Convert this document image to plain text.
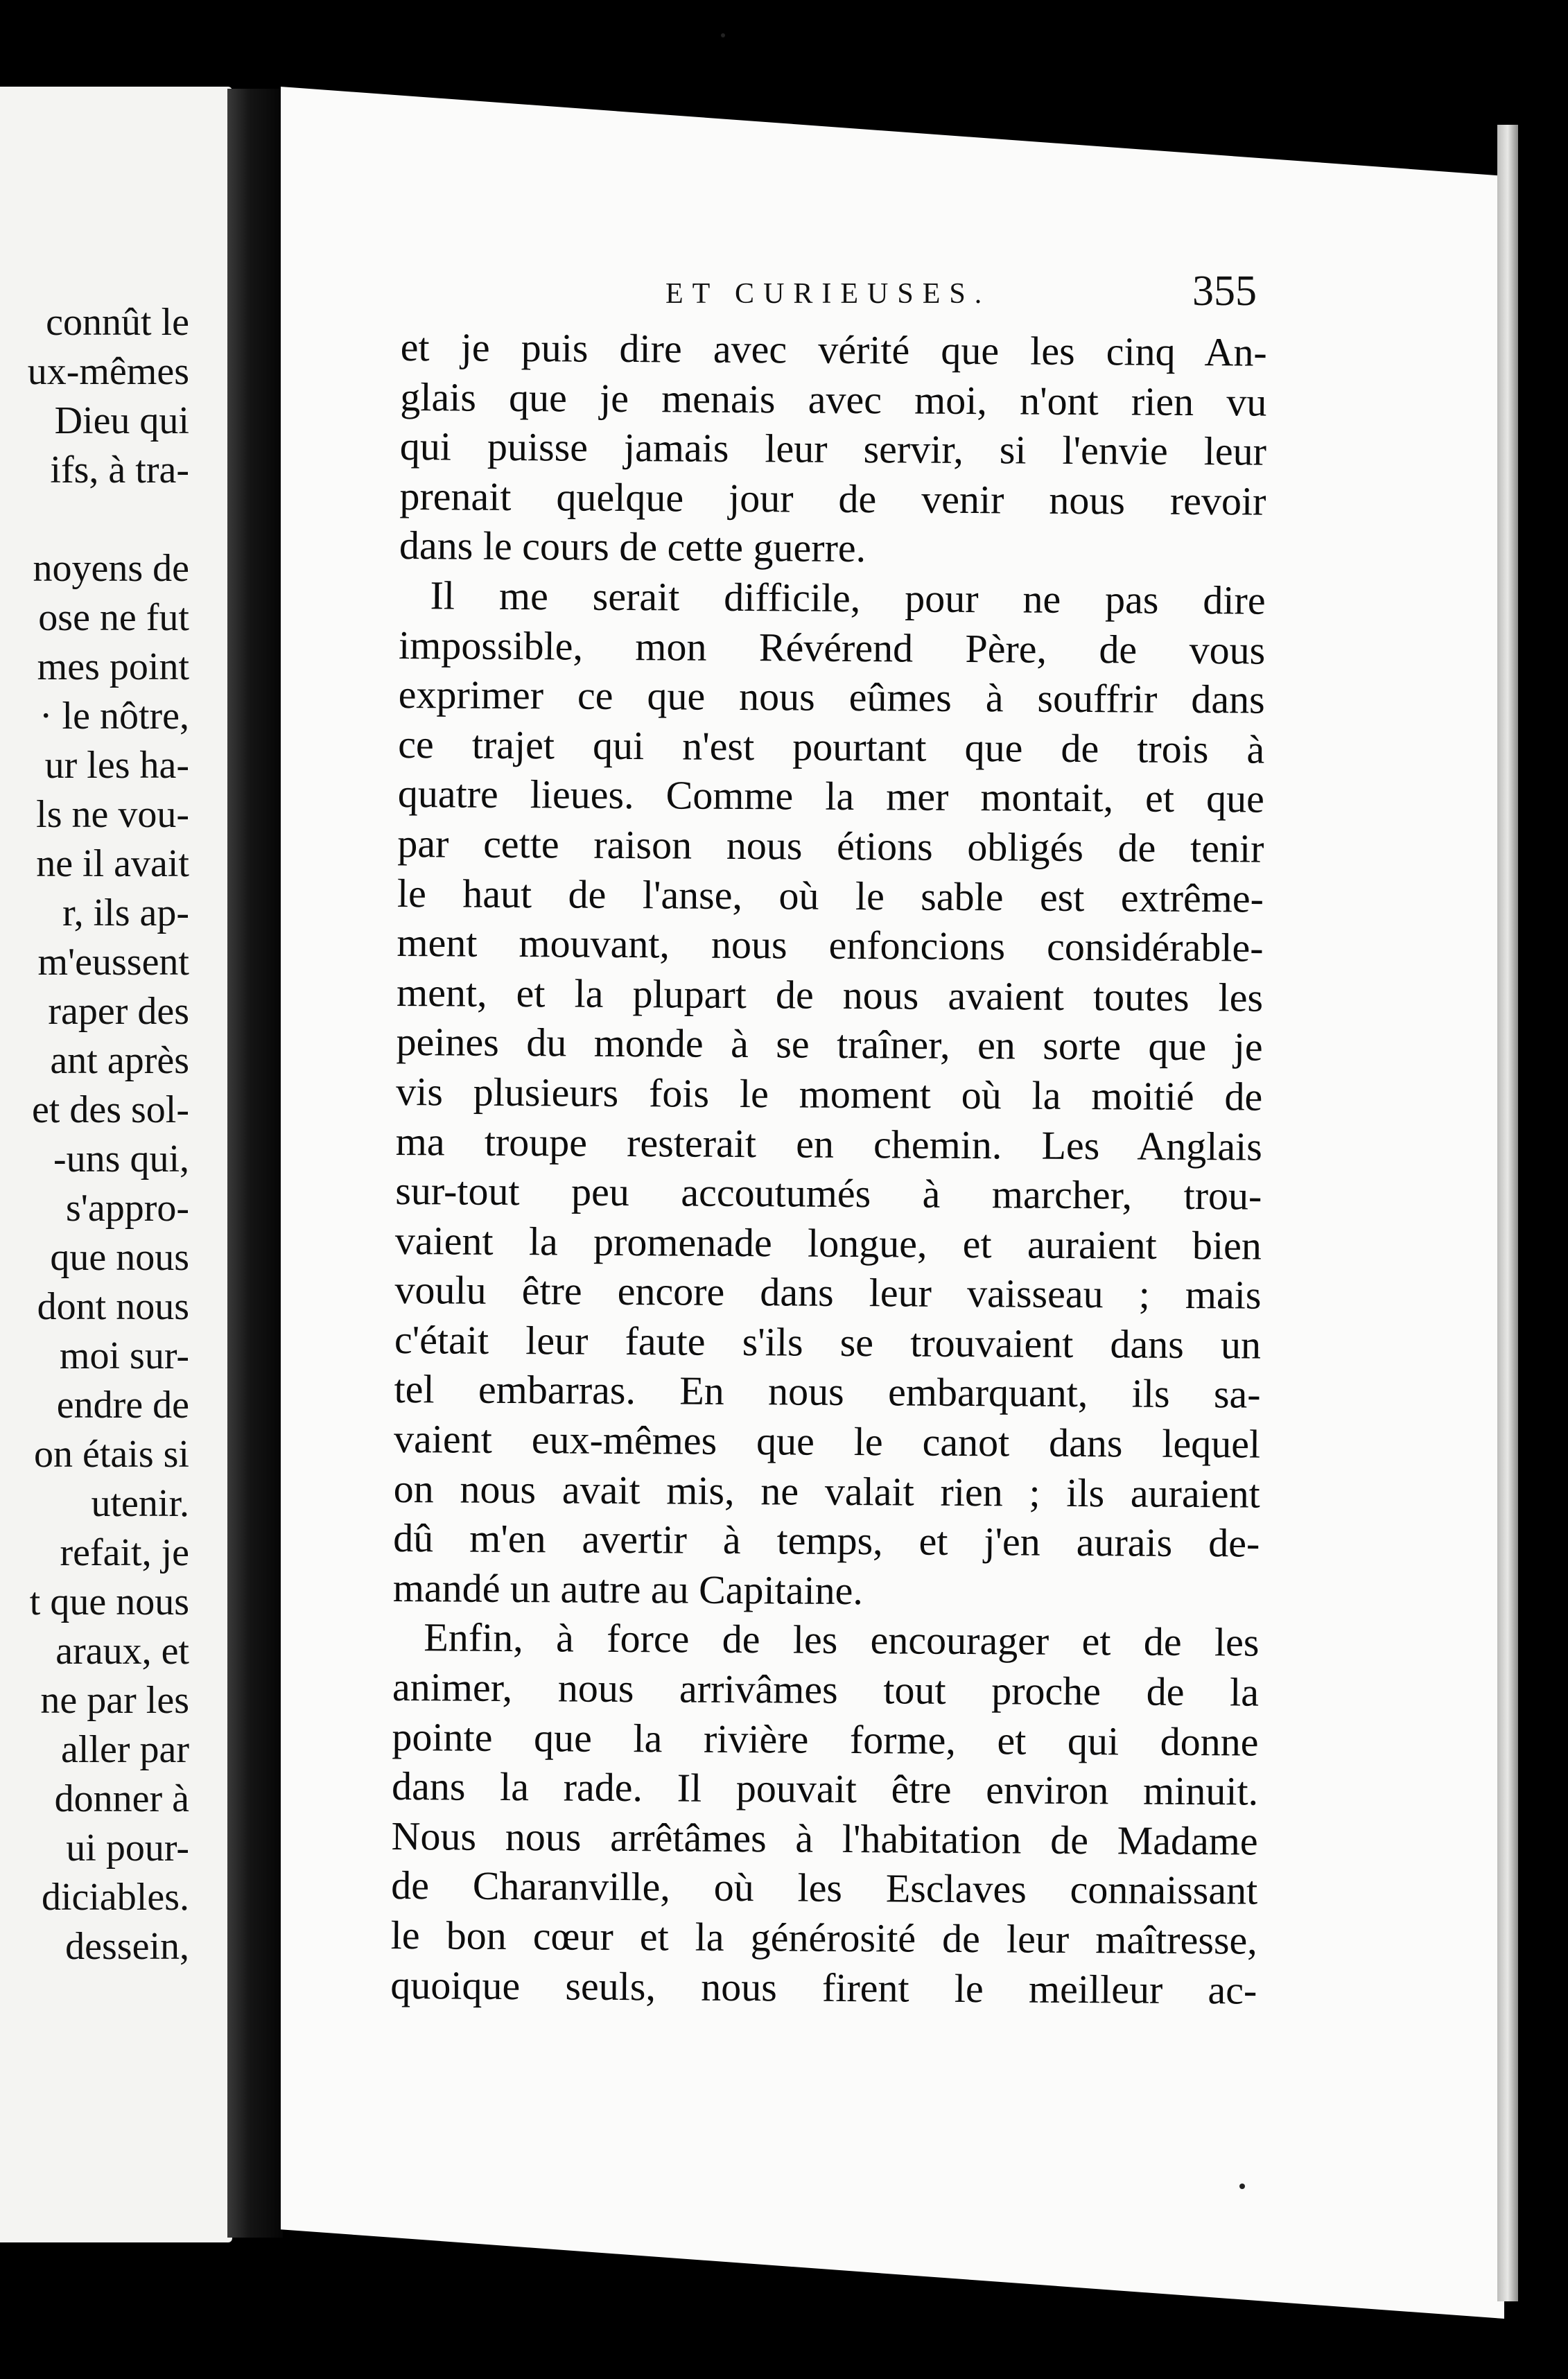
connût le
ux-mêmes
Dieu qui
ifs, à tra-
noyens de
ose ne fut
mes point
· le nôtre,
ur les ha-
ls ne vou-
ne il avait
r, ils ap-
m'eussent
raper des
ant après
et des sol-
-uns qui,
s'appro-
que nous
dont nous
moi sur-
endre de
on étais si
utenir.
refait, je
t que nous
araux, et
ne par les
aller par
donner à
ui pour-
diciables.
dessein,
ET CURIEUSES.	355
et je puis dire avec vérité que les cinq An-
glais que je menais avec moi, n'ont rien vu
qui puisse jamais leur servir, si l'envie leur
prenait quelque jour de venir nous revoir
dans le cours de cette guerre.
Il me serait difficile, pour ne pas dire
impossible, mon Révérend Père, de vous
exprimer ce que nous eûmes à souffrir dans
ce trajet qui n'est pourtant que de trois à
quatre lieues. Comme la mer montait, et que
par cette raison nous étions obligés de tenir
le haut de l'anse, où le sable est extrême-
ment mouvant, nous enfoncions considérable-
ment, et la plupart de nous avaient toutes les
peines du monde à se traîner, en sorte que je
vis plusieurs fois le moment où la moitié de
ma troupe resterait en chemin. Les Anglais
sur-tout peu accoutumés à marcher, trou-
vaient la promenade longue, et auraient bien
voulu être encore dans leur vaisseau ; mais
c'était leur faute s'ils se trouvaient dans un
tel embarras. En nous embarquant, ils sa-
vaient eux-mêmes que le canot dans lequel
on nous avait mis, ne valait rien ; ils auraient
dû m'en avertir à temps, et j'en aurais de-
mandé un autre au Capitaine.
Enfin, à force de les encourager et de les
animer, nous arrivâmes tout proche de la
pointe que la rivière forme, et qui donne
dans la rade. Il pouvait être environ minuit.
Nous nous arrêtâmes à l'habitation de Madame
de Charanville, où les Esclaves connaissant
le bon cœur et la générosité de leur maîtresse,
quoique seuls, nous firent le meilleur ac-
